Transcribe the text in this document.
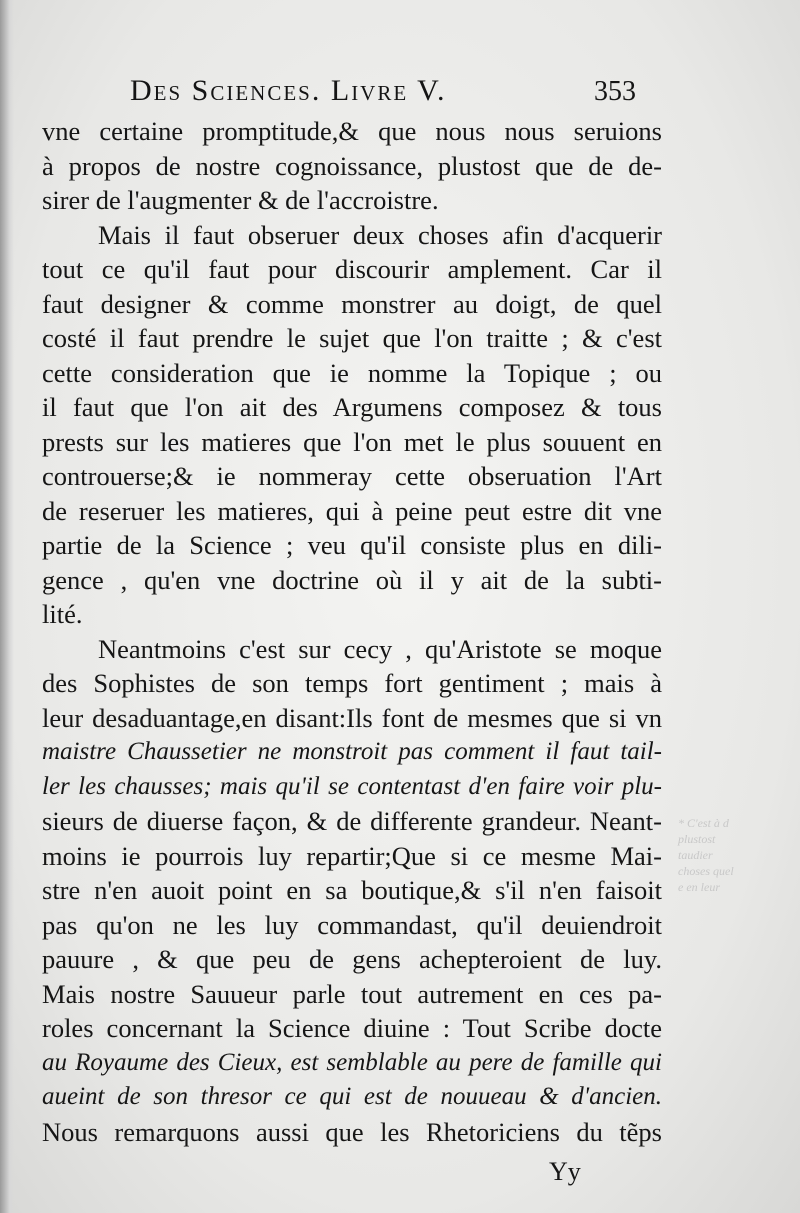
* C'est à d
plustost
taudier
choses quel
e en leur
Des Sciences. Livre V.	353
vne certaine promptitude,& que nous nous seruions
à propos de nostre cognoissance, plustost que de de-
sirer de l'augmenter & de l'accroistre.
Mais il faut obseruer deux choses afin d'acquerir
tout ce qu'il faut pour discourir amplement. Car il
faut designer & comme monstrer au doigt, de quel
costé il faut prendre le sujet que l'on traitte ; & c'est
cette consideration que ie nomme la Topique ; ou
il faut que l'on ait des Argumens composez & tous
prests sur les matieres que l'on met le plus souuent en
controuerse;& ie nommeray cette obseruation l'Art
de reseruer les matieres, qui à peine peut estre dit vne
partie de la Science ; veu qu'il consiste plus en dili-
gence , qu'en vne doctrine où il y ait de la subti-
lité.
Neantmoins c'est sur cecy , qu'Aristote se moque
des Sophistes de son temps fort gentiment ; mais à
leur desaduantage,en disant:Ils font de mesmes que si vn
maistre Chaussetier ne monstroit pas comment il faut tail-
ler les chausses; mais qu'il se contentast d'en faire voir plu-
sieurs de diuerse façon, & de differente grandeur. Neant-
moins ie pourrois luy repartir;Que si ce mesme Mai-
stre n'en auoit point en sa boutique,& s'il n'en faisoit
pas qu'on ne les luy commandast, qu'il deuiendroit
pauure , & que peu de gens achepteroient de luy.
Mais nostre Sauueur parle tout autrement en ces pa-
roles concernant la Science diuine : Tout Scribe docte
au Royaume des Cieux, est semblable au pere de famille qui
aueint de son thresor ce qui est de nouueau & d'ancien.
Nous remarquons aussi que les Rhetoriciens du tẽps
Yy
